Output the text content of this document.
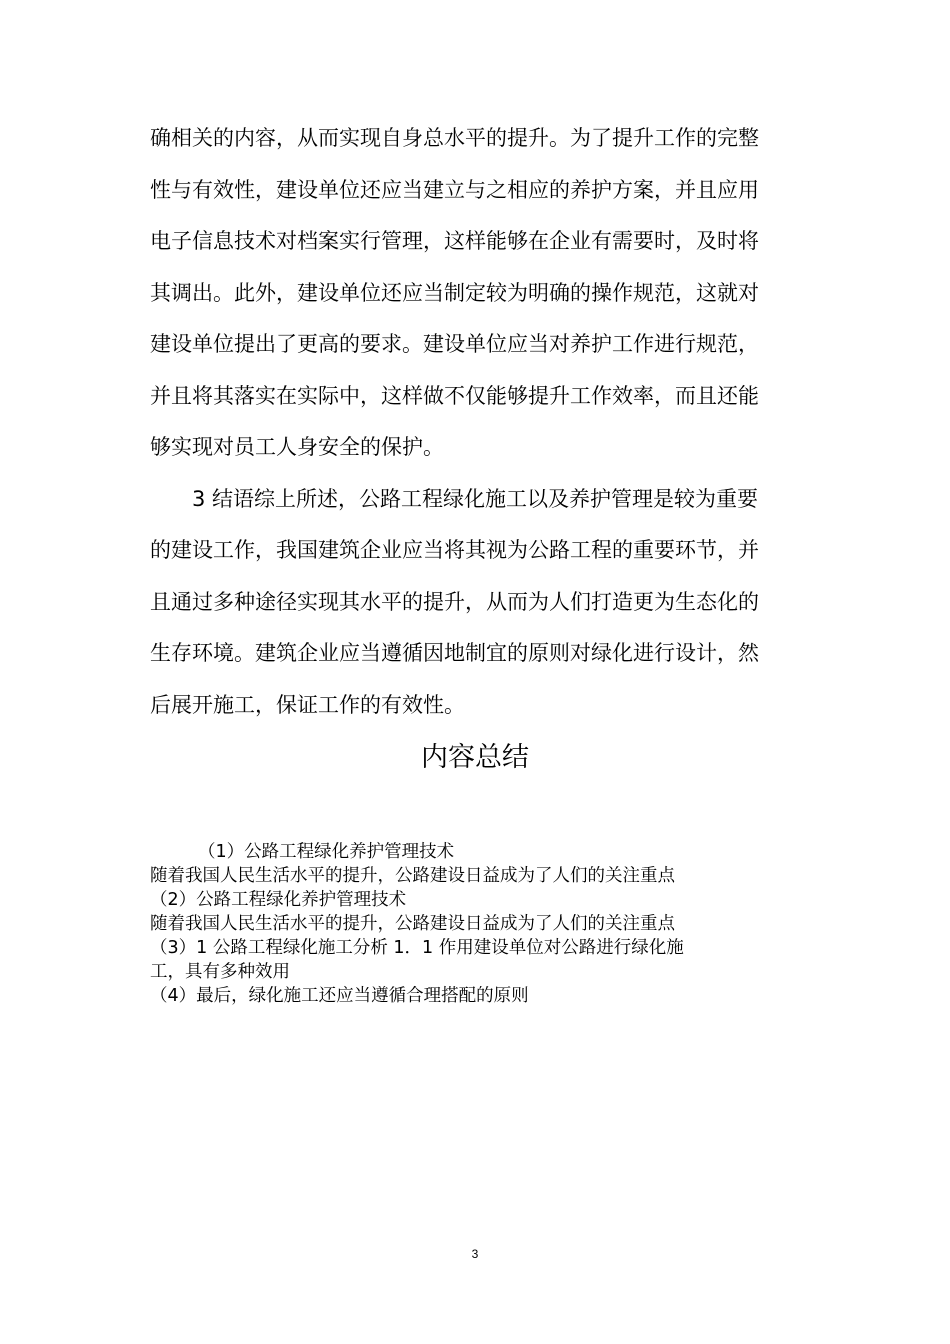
确相关的内容，从而实现自身总水平的提升。为了提升工作的完整
性与有效性，建设单位还应当建立与之相应的养护方案，并且应用
电子信息技术对档案实行管理，这样能够在企业有需要时，及时将
其调出。此外，建设单位还应当制定较为明确的操作规范，这就对
建设单位提出了更高的要求。建设单位应当对养护工作进行规范，
并且将其落实在实际中，这样做不仅能够提升工作效率，而且还能
够实现对员工人身安全的保护。
3 结语综上所述，公路工程绿化施工以及养护管理是较为重要
的建设工作，我国建筑企业应当将其视为公路工程的重要环节，并
且通过多种途径实现其水平的提升，从而为人们打造更为生态化的
生存环境。建筑企业应当遵循因地制宜的原则对绿化进行设计，然
后展开施工，保证工作的有效性。
内容总结
（1）公路工程绿化养护管理技术
随着我国人民生活水平的提升，公路建设日益成为了人们的关注重点
（2）公路工程绿化养护管理技术
随着我国人民生活水平的提升，公路建设日益成为了人们的关注重点
（3）1 公路工程绿化施工分析 1．1 作用建设单位对公路进行绿化施
工，具有多种效用
（4）最后，绿化施工还应当遵循合理搭配的原则
3
